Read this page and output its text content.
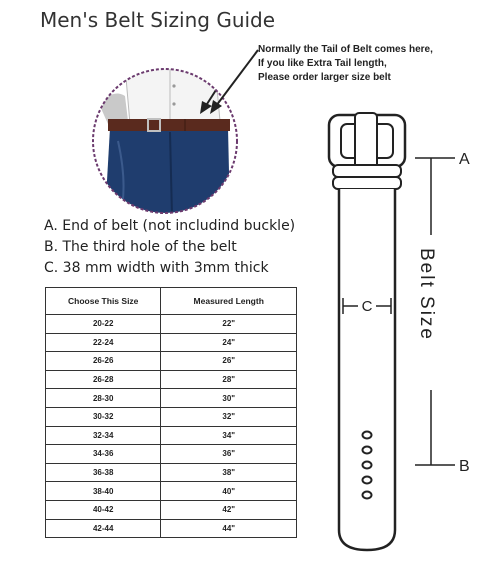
Men's Belt Sizing Guide
Normally the Tail of Belt comes here,
If you like Extra Tail length,
Please order larger size belt
A. End of belt (not includind buckle)
B. The third hole of the belt
C. 38 mm width with 3mm thick
C
A
B
Belt Size
Choose This Size	Measured Length
20-22	22"
22-24	24"
26-26	26"
26-28	28"
28-30	30"
30-32	32"
32-34	34"
34-36	36"
36-38	38"
38-40	40"
40-42	42"
42-44	44"
